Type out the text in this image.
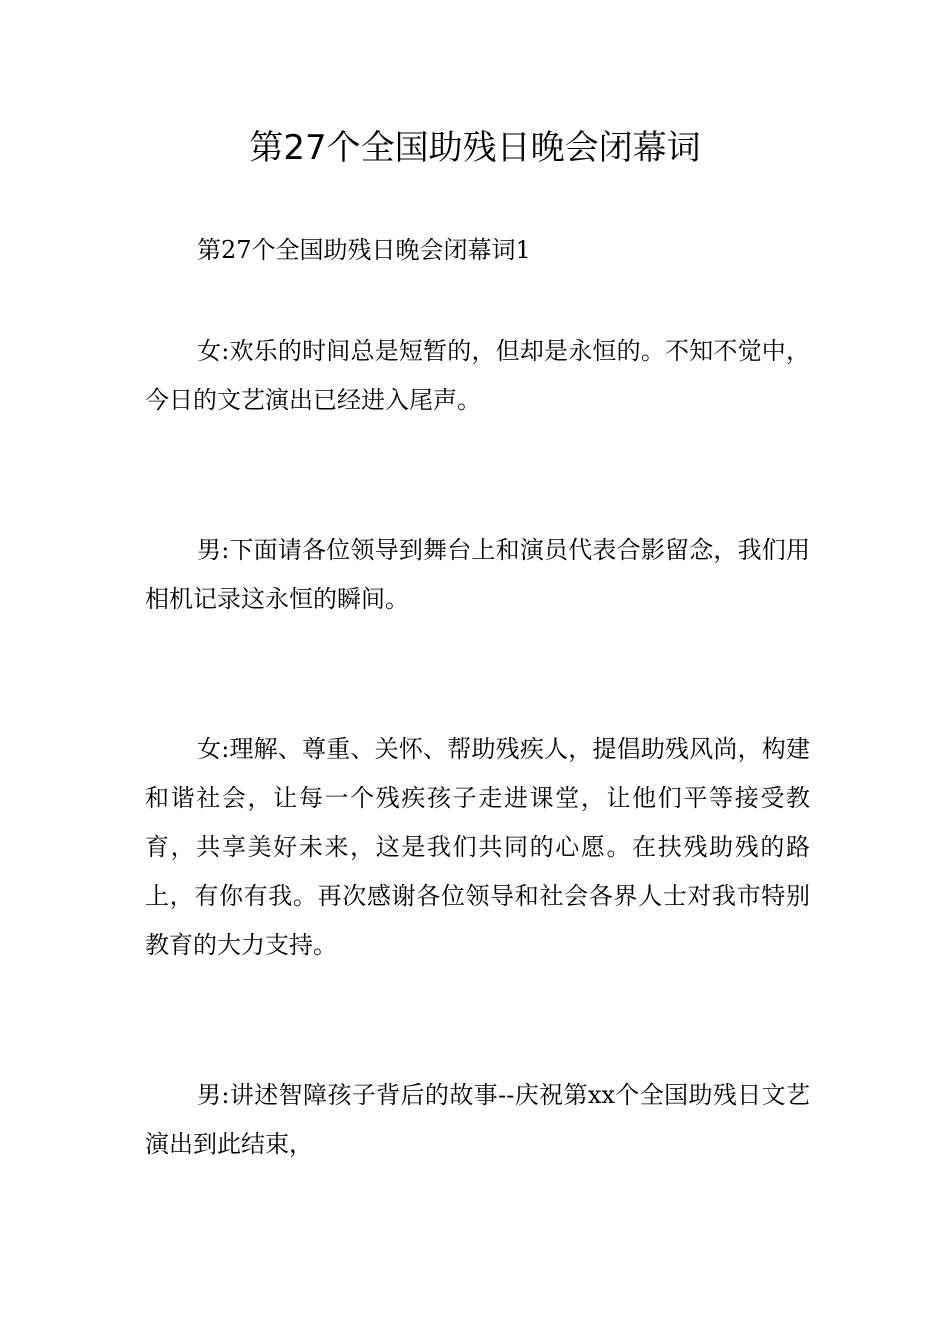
第27个全国助残日晚会闭幕词

第27个全国助残日晚会闭幕词1

女:欢乐的时间总是短暂的，但却是永恒的。不知不觉中，今日的文艺演出已经进入尾声。

男:下面请各位领导到舞台上和演员代表合影留念，我们用相机记录这永恒的瞬间。

女:理解、尊重、关怀、帮助残疾人，提倡助残风尚，构建和谐社会，让每一个残疾孩子走进课堂，让他们平等接受教育，共享美好未来，这是我们共同的心愿。在扶残助残的路上，有你有我。再次感谢各位领导和社会各界人士对我市特别教育的大力支持。

男:讲述智障孩子背后的故事--庆祝第xx个全国助残日文艺演出到此结束，
